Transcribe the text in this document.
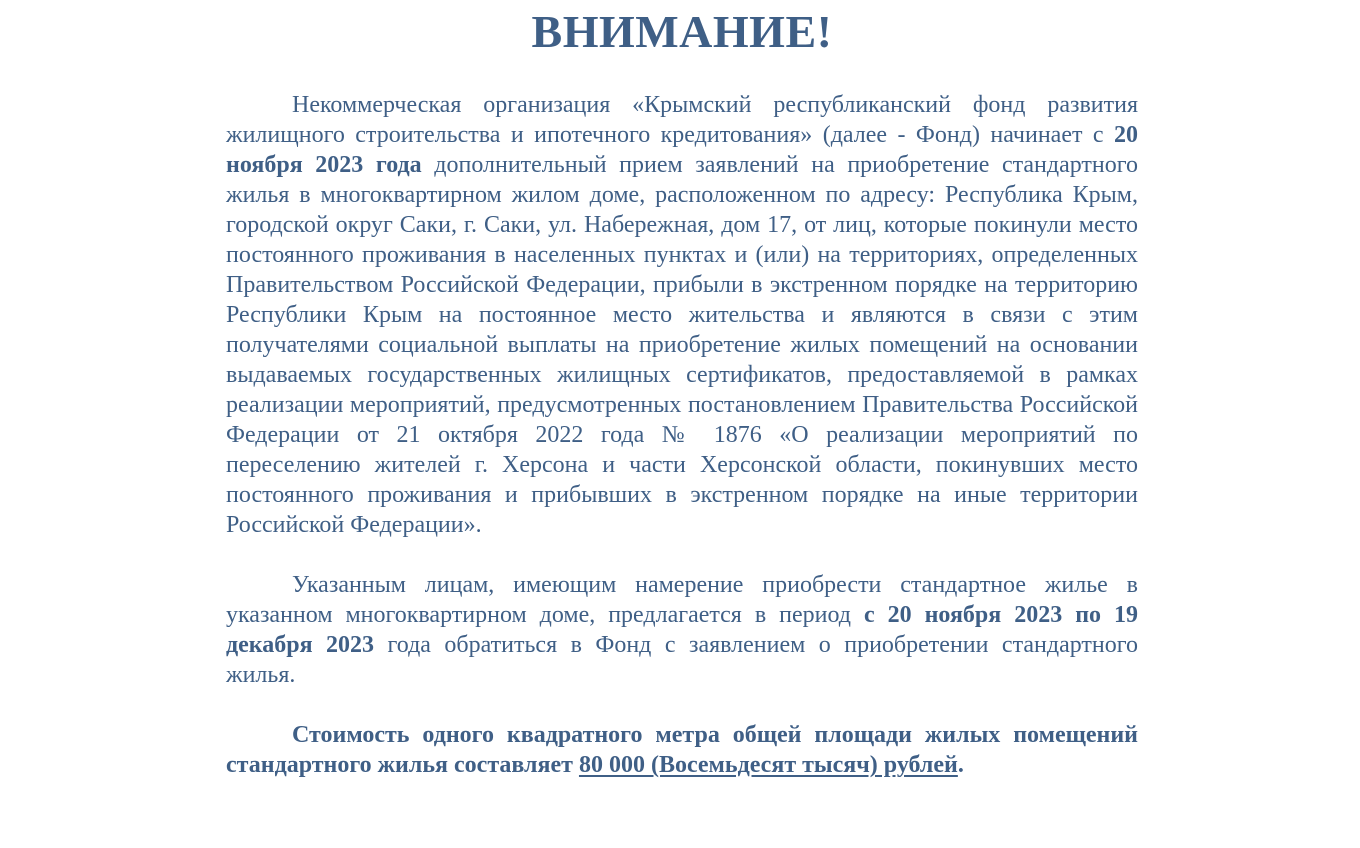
ВНИМАНИЕ!

Некоммерческая организация «Крымский республиканский фонд развития жилищного строительства и ипотечного кредитования» (далее - Фонд) начинает с 20 ноября 2023 года дополнительный прием заявлений на приобретение стандартного жилья в многоквартирном жилом доме, расположенном по адресу: Республика Крым, городской округ Саки, г. Саки, ул. Набережная, дом 17, от лиц, которые покинули место постоянного проживания в населенных пунктах и (или) на территориях, определенных Правительством Российской Федерации, прибыли в экстренном порядке на территорию Республики Крым на постоянное место жительства и являются в связи с этим получателями социальной выплаты на приобретение жилых помещений на основании выдаваемых государственных жилищных сертификатов, предоставляемой в рамках реализации мероприятий, предусмотренных постановлением Правительства Российской Федерации от 21 октября 2022 года № 1876 «О реализации мероприятий по переселению жителей г. Херсона и части Херсонской области, покинувших место постоянного проживания и прибывших в экстренном порядке на иные территории Российской Федерации».

Указанным лицам, имеющим намерение приобрести стандартное жилье в указанном многоквартирном доме, предлагается в период с 20 ноября 2023 по 19 декабря 2023 года обратиться в Фонд с заявлением о приобретении стандартного жилья.

Стоимость одного квадратного метра общей площади жилых помещений стандартного жилья составляет 80 000 (Восемьдесят тысяч) рублей.
